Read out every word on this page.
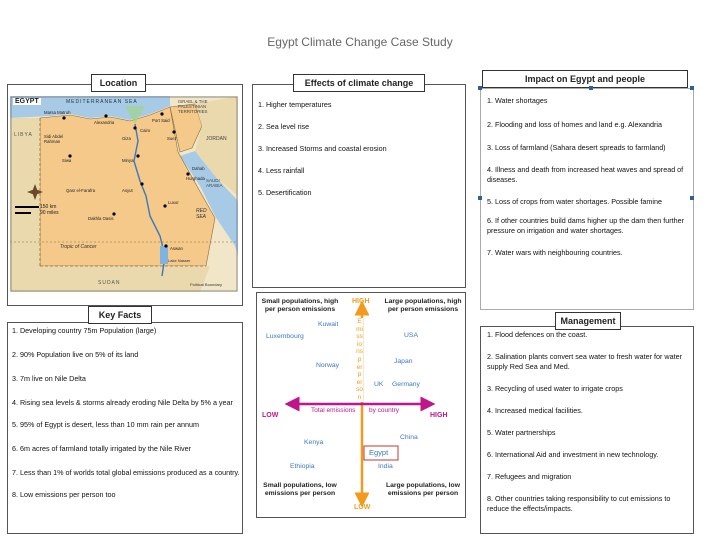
Egypt Climate Change Case Study
Location
EGYPT	MEDITERRANEAN SEA
LIBYA
ISRAEL & THE PALESTINIAN TERRITORIES
JORDAN
SAUDI ARABIA
RED SEA
SUDAN
Tropic of Cancer
Political Boundary
150 km
90 miles
Sidi Abdel Rahman
Marsa Matruh
Alexandria	Port Said
Suez
Cairo
Giza
Siwa	Minya
Asyut
Luxor
Aswan
Hurghada
Dahab
Qasr el-Farafra
Dakhla Oasis
Lake Nasser
Effects of climate change

1. Higher temperatures

2. Sea level rise

3. Increased Storms and coastal erosion

4. Less rainfall

5. Desertification

Impact on Egypt and people

1. Water shortages

2. Flooding and loss of homes and land e.g. Alexandria

3. Loss of farmland (Sahara desert spreads to farmland)

4. Illness and death from increased heat waves and spread of diseases.

5. Loss of crops from water shortages. Possible famine

6. If other countries build dams higher up the dam then further pressure on irrigation and water shortages.

7. Water wars with neighbouring countries.

Key Facts

1. Developing country 75m Population (large)

2. 90% Population live on 5% of its land

3. 7m live on Nile Delta

4. Rising sea levels & storms already eroding Nile Delta by 5% a year

5. 95% of Egypt is desert, less than 10 mm rain per annum

6. 6m acres of farmland totally irrigated by the Nile River

7. Less than 1% of worlds total global emissions produced as a country.

8. Low emissions per person too

Small populations, high per person emissions
Large populations, high per person emissions
Small populations, low emissions per person
Large populations, low emissions per person
HIGH
LOW
LOW	HIGH
Emissions per person
Total emissions by country
Kuwait
Luxembourg	USA
Norway
Japan
UK Germany
China
Kenya
Egypt
India
Ethiopia
Management

1. Flood defences on the coast.

2. Salination plants convert sea water to fresh water for water supply Red Sea and Med.

3. Recycling of used water to irrigate crops

4. Increased medical facilities.

5. Water partnerships

6. International Aid and investment in new technology.

7. Refugees and migration

8. Other countries taking responsibility to cut emissions to reduce the effects/impacts.
